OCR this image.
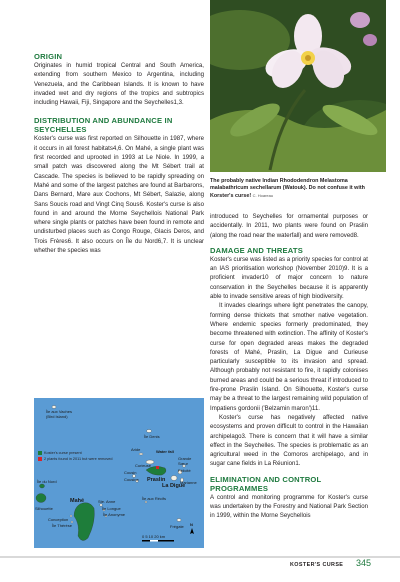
ORIGIN

Originates in humid tropical Central and South America, extending from southern Mexico to Argentina, including Venezuela, and the Caribbean Islands. It is known to have invaded wet and dry regions of the tropics and subtropics including Hawaii, Fiji, Singapore and the Seychelles1,3.

DISTRIBUTION AND ABUNDANCE IN SEYCHELLES

Koster's curse was first reported on Silhouette in 1987, where it occurs in all forest habitats4,6. On Mahé, a single plant was first recorded and uprooted in 1993 at Le Niole. In 1999, a small patch was discovered along the Mt Sébert trail at Cascade. The species is believed to be rapidly spreading on Mahé and some of the largest patches are found at Barbarons, Dans Bernard, Mare aux Cochons, Mt Sébert, Salazie, along Sans Soucis road and Vingt Cinq Sous6. Koster's curse is also found in and around the Morne Seychellois National Park where single plants or patches have been found in remote and undisturbed places such as Congo Rouge, Glacis Deros, and Trois Frères6. It also occurs on Île du Nord6,7. It is unclear whether the species was

The probably native Indian Rhododendron Melastoma malabathricum sechellarum (Watouk). Do not confuse it with Korster's curse! C. Hoareau

introduced to Seychelles for ornamental purposes or accidentally. In 2011, two plants were found on Praslin (along the road near the waterfall) and were removed8.

DAMAGE AND THREATS

Koster's curse was listed as a priority species for control at an IAS prioritisation workshop (November 2010)9. It is a proficient invader10 of major concern to nature conservation in the Seychelles because it is apparently able to invade sensitive areas of high biodiversity.

It invades clearings where light penetrates the canopy, forming dense thickets that smother native vegetation. Where endemic species formerly predominated, they become threatened with extinction. The affinity of Koster's curse for open degraded areas makes the degraded forests of Mahé, Praslin, La Digue and Curieuse particularly susceptible to its invasion and spread. Although probably not resistant to fire, it rapidly colonises burned areas and could be a serious threat if introduced to fire-prone Praslin Island. On Silhouette, Koster's curse may be a threat to the largest remaining wild population of Impatiens gordonii ('Belzamin maron')11.

Koster's curse has negatively affected native ecosystems and proven difficult to control in the Hawaiian archipelago3. There is concern that it will have a similar effect in the Seychelles. The species is problematic as an agricultural weed in the Comoros archipelago, and in sugar cane fields in La Réunion1.

ELIMINATION AND CONTROL PROGRAMMES

A control and monitoring programme for Koster's curse was undertaken by the Forestry and National Park Section in 1999, within the Morne Seychellois

Koster's curse present
2 plants found in 2011 but were removed
Île aux Vaches (Bird Island)
Île Denis
Aride	Water fall
Curieuse
Cousin
Cousine
Grande Sœur
Félicité
Marianne
Praslin
La Digue
Île du Nord
Silhouette
Mahé	Ste. Anne
Île Longue
Île Anonyme
Île aux Récifs
Frégate
Conception
Île Thérèse
0 5 10 20 km
N
KOSTER'S CURSE 345
